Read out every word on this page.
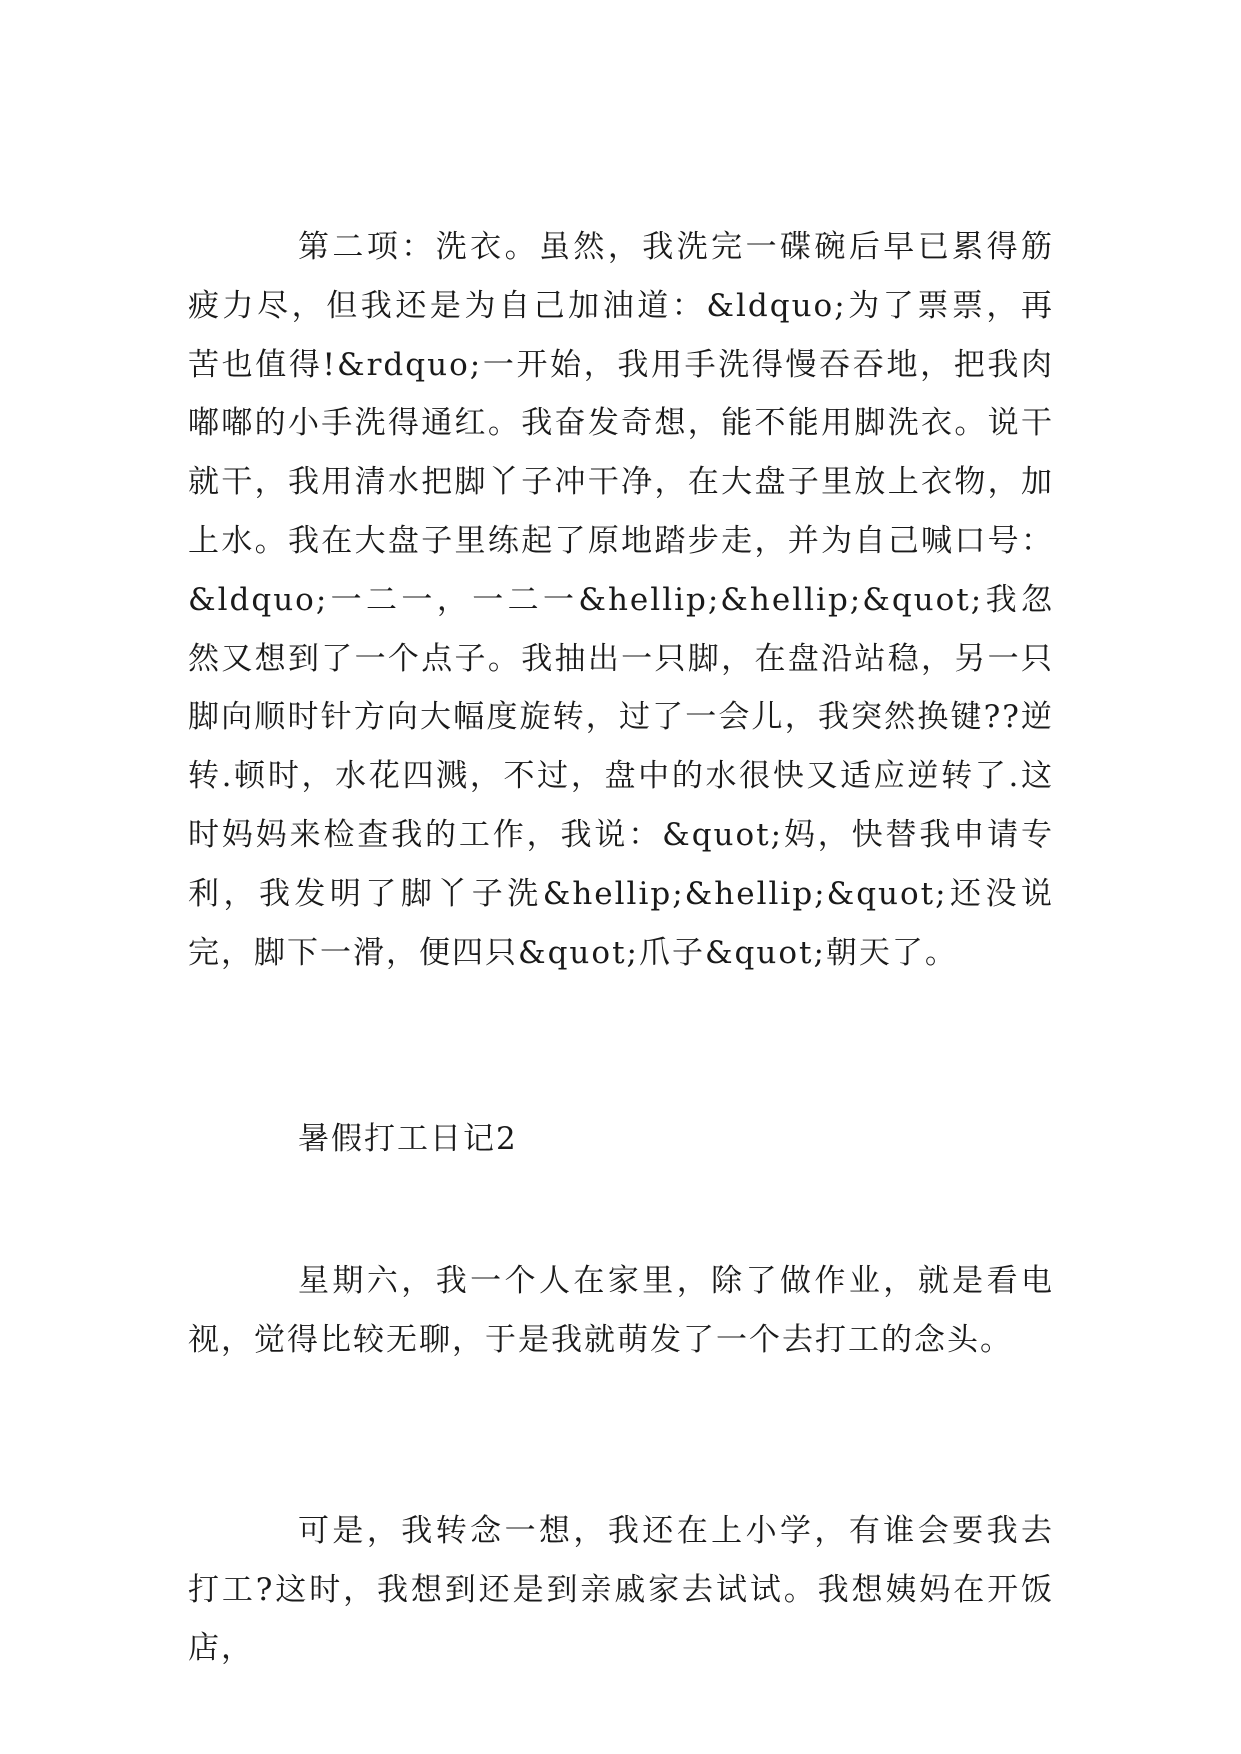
第二项：洗衣。虽然，我洗完一碟碗后早已累得筋疲力尽，但我还是为自己加油道：&ldquo;为了票票，再苦也值得!&rdquo;一开始，我用手洗得慢吞吞地，把我肉嘟嘟的小手洗得通红。我奋发奇想，能不能用脚洗衣。说干就干，我用清水把脚丫子冲干净，在大盘子里放上衣物，加上水。我在大盘子里练起了原地踏步走，并为自己喊口号：&ldquo;一二一，一二一&hellip;&hellip;&quot;我忽然又想到了一个点子。我抽出一只脚，在盘沿站稳，另一只脚向顺时针方向大幅度旋转，过了一会儿，我突然换键??逆转.顿时，水花四溅，不过，盘中的水很快又适应逆转了.这时妈妈来检查我的工作，我说：&quot;妈，快替我申请专利，我发明了脚丫子洗&hellip;&hellip;&quot;还没说完，脚下一滑，便四只&quot;爪子&quot;朝天了。

暑假打工日记2

星期六，我一个人在家里，除了做作业，就是看电视，觉得比较无聊，于是我就萌发了一个去打工的念头。

可是，我转念一想，我还在上小学，有谁会要我去打工?这时，我想到还是到亲戚家去试试。我想姨妈在开饭店，
